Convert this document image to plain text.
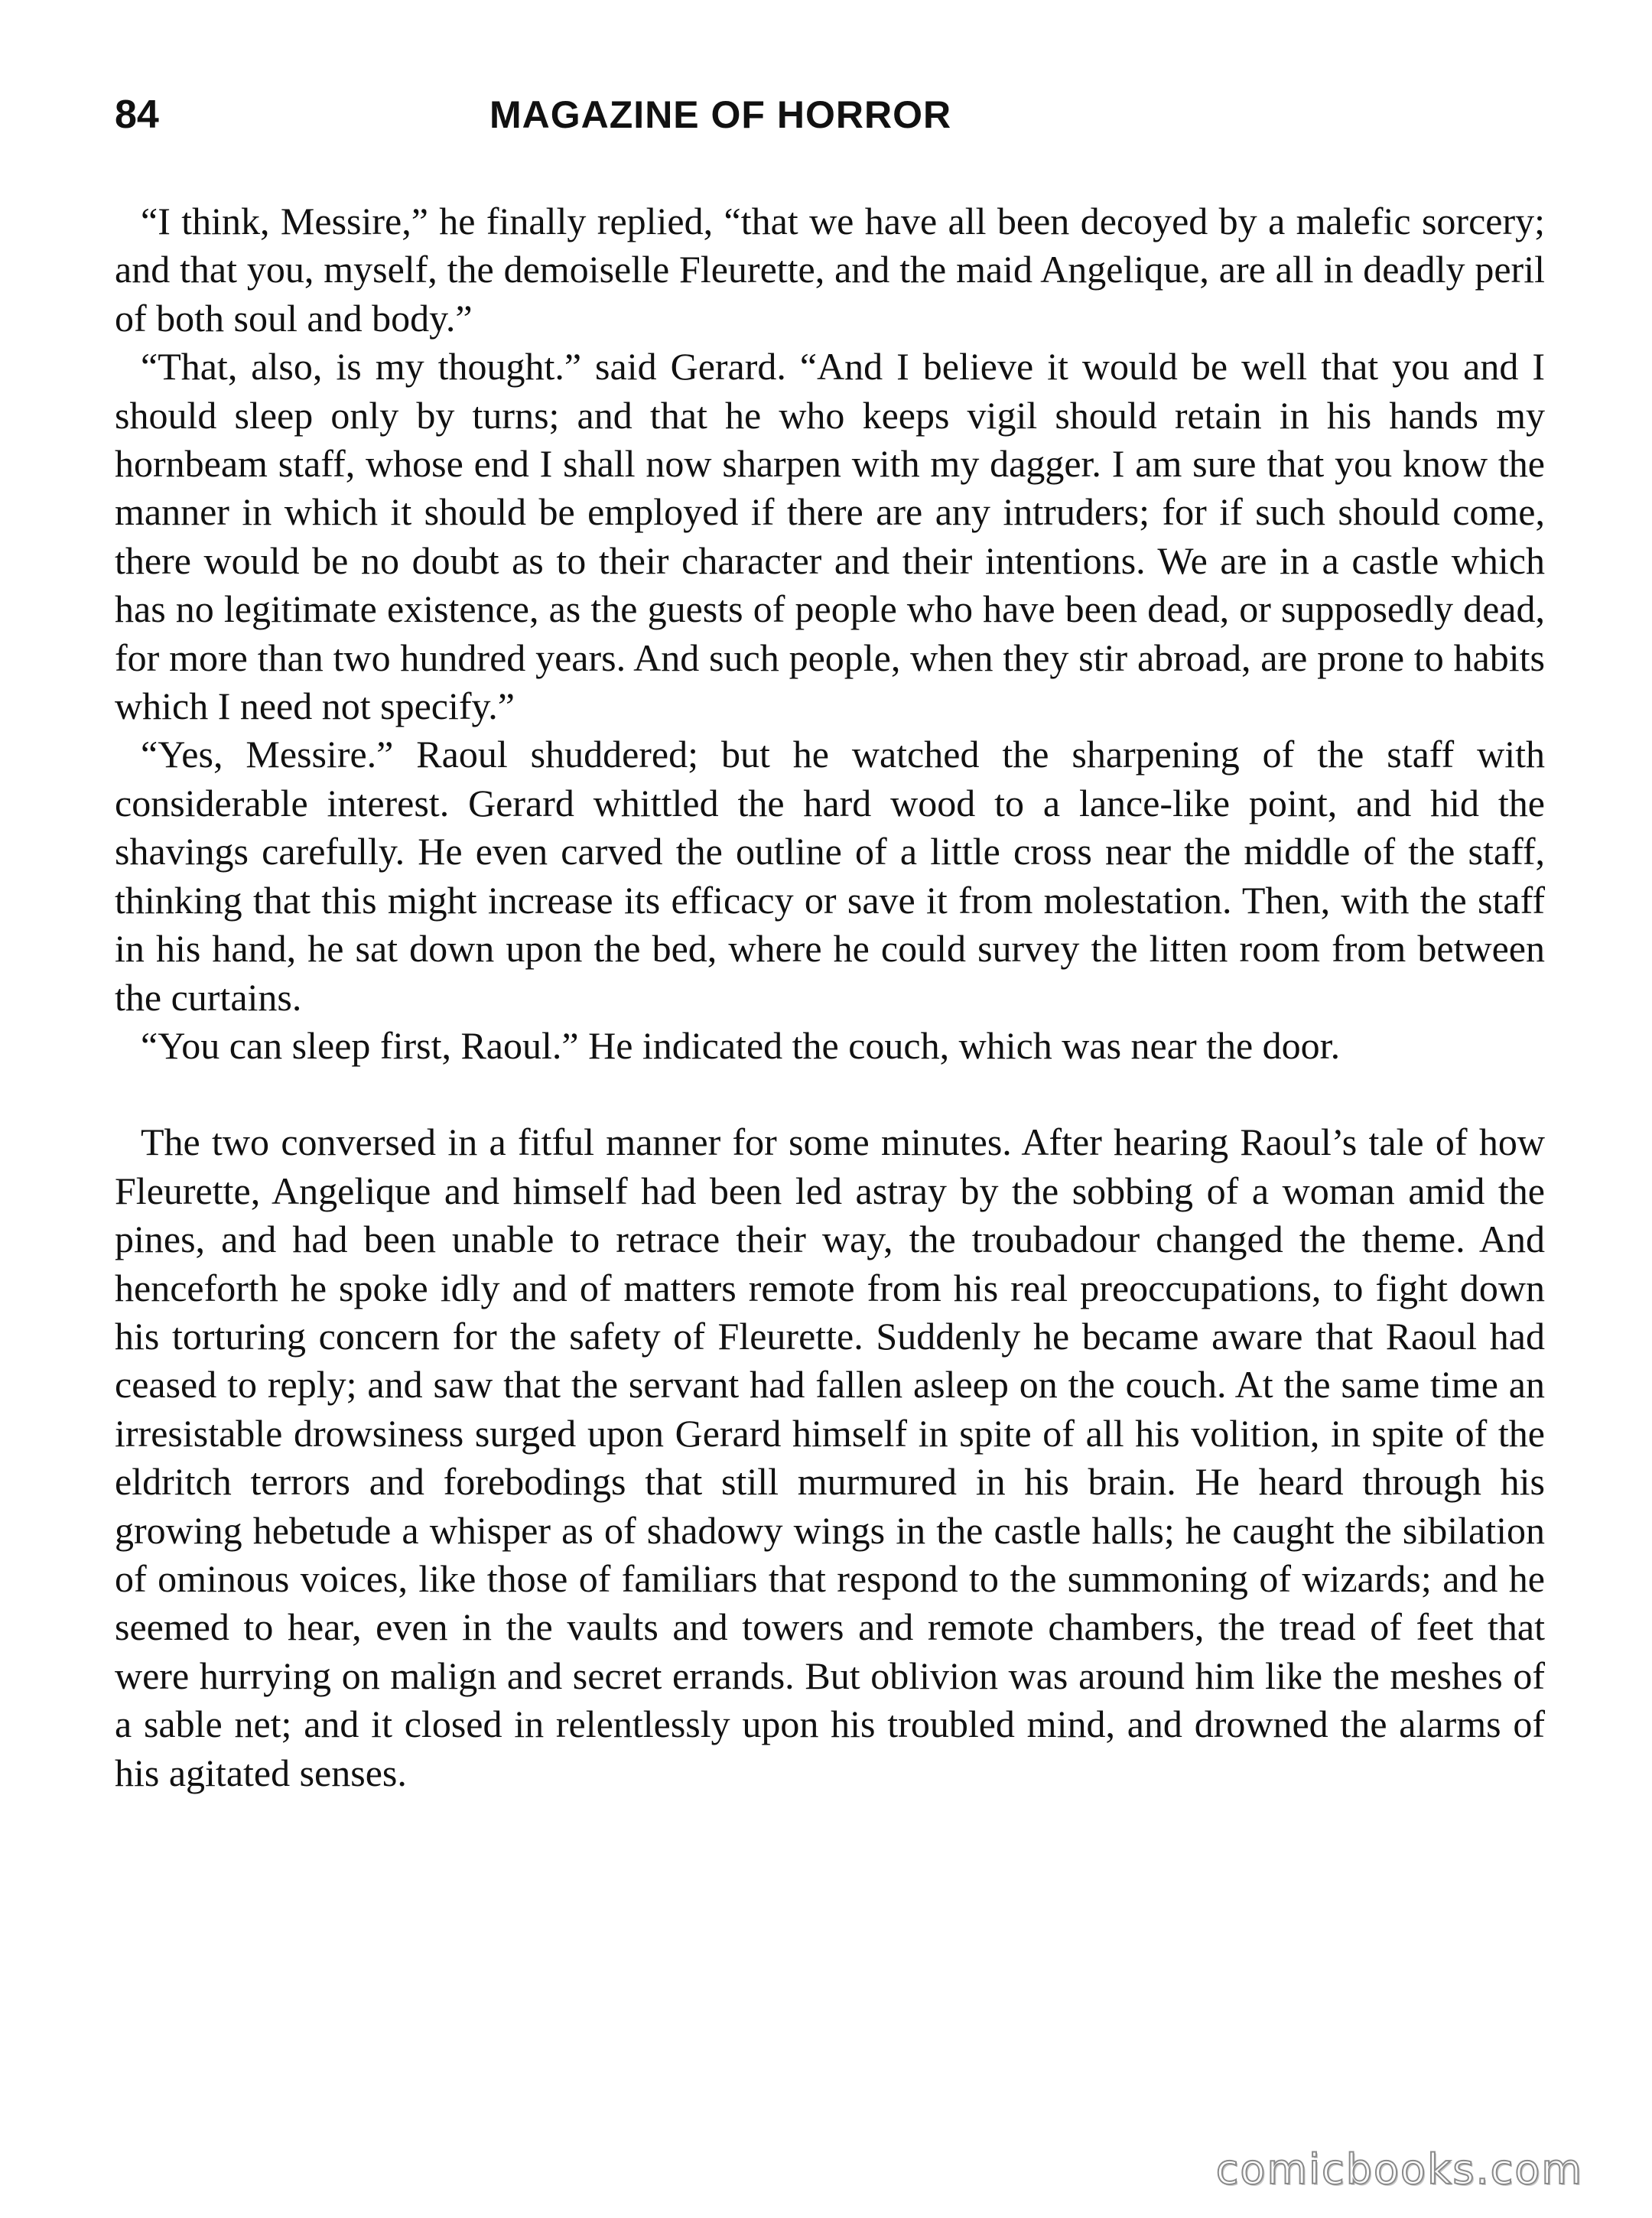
84	MAGAZINE OF HORROR

“I think, Messire,” he finally replied, “that we have all been decoyed by a malefic sorcery; and that you, myself, the demoiselle Fleurette, and the maid Angelique, are all in deadly peril of both soul and body.”

“That, also, is my thought.” said Gerard. “And I believe it would be well that you and I should sleep only by turns; and that he who keeps vigil should retain in his hands my hornbeam staff, whose end I shall now sharpen with my dagger. I am sure that you know the manner in which it should be employed if there are any intruders; for if such should come, there would be no doubt as to their character and their intentions. We are in a castle which has no legitimate existence, as the guests of people who have been dead, or supposedly dead, for more than two hundred years. And such people, when they stir abroad, are prone to habits which I need not specify.”

“Yes, Messire.” Raoul shuddered; but he watched the sharpening of the staff with considerable interest. Gerard whittled the hard wood to a lance-like point, and hid the shavings carefully. He even carved the outline of a little cross near the middle of the staff, thinking that this might increase its efficacy or save it from molestation. Then, with the staff in his hand, he sat down upon the bed, where he could survey the litten room from between the curtains.

“You can sleep first, Raoul.” He indicated the couch, which was near the door.

The two conversed in a fitful manner for some minutes. After hearing Raoul’s tale of how Fleurette, Angelique and himself had been led astray by the sobbing of a woman amid the pines, and had been unable to retrace their way, the troubadour changed the theme. And henceforth he spoke idly and of matters remote from his real preoccupations, to fight down his torturing concern for the safety of Fleurette. Suddenly he became aware that Raoul had ceased to reply; and saw that the servant had fallen asleep on the couch. At the same time an irresistable drowsiness surged upon Gerard himself in spite of all his volition, in spite of the eldritch terrors and forebodings that still murmured in his brain. He heard through his growing hebetude a whisper as of shadowy wings in the castle halls; he caught the sibilation of ominous voices, like those of familiars that respond to the summoning of wizards; and he seemed to hear, even in the vaults and towers and remote chambers, the tread of feet that were hurrying on malign and secret errands. But oblivion was around him like the meshes of a sable net; and it closed in relentlessly upon his troubled mind, and drowned the alarms of his agitated senses.

comicbooks.com
